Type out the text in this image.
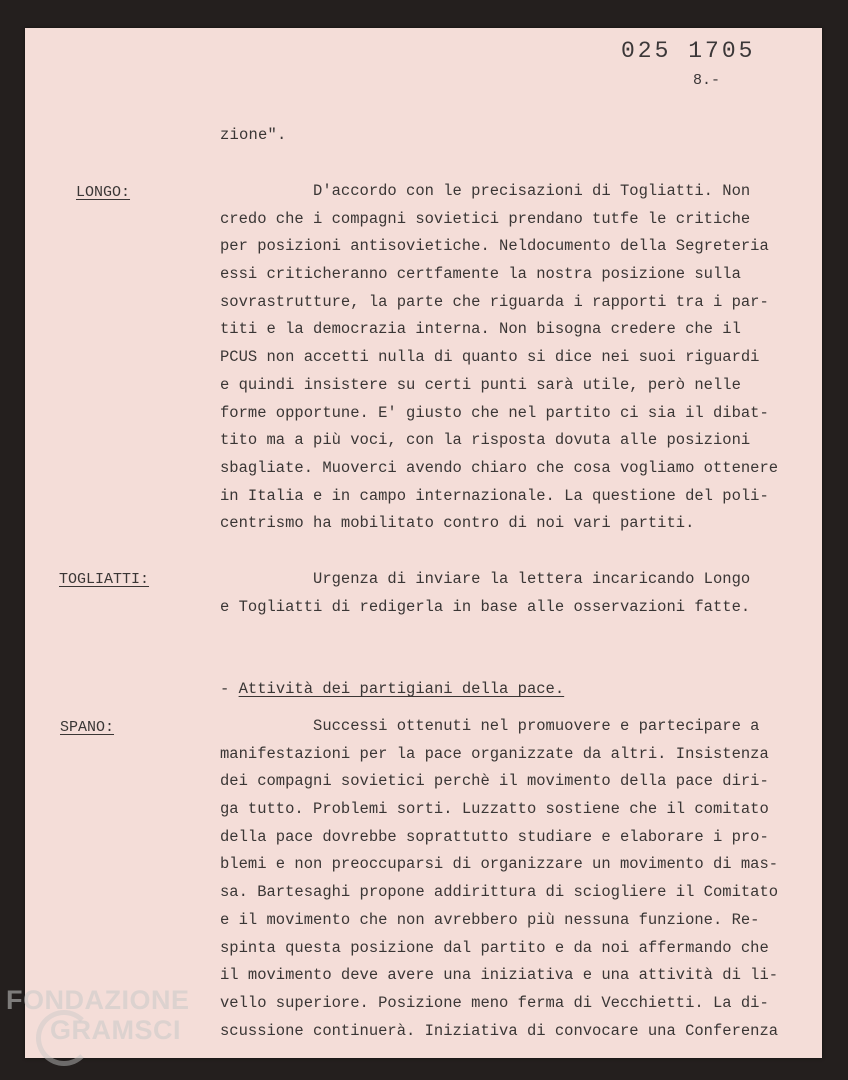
025 1705
8.-
zione".
LONGO:	D'accordo con le precisazioni di Togliatti. Non
credo che i compagni sovietici prendano tutfe le critiche
per posizioni antisovietiche. Neldocumento della Segreteria
essi criticheranno certfamente la nostra posizione sulla
sovrastrutture, la parte che riguarda i rapporti tra i par-
titi e la democrazia interna. Non bisogna credere che il
PCUS non accetti nulla di quanto si dice nei suoi riguardi
e quindi insistere su certi punti sarà utile, però nelle
forme opportune. E' giusto che nel partito ci sia il dibat-
tito ma a più voci, con la risposta dovuta alle posizioni
sbagliate. Muoverci avendo chiaro che cosa vogliamo ottenere
in Italia e in campo internazionale. La questione del poli-
centrismo ha mobilitato contro di noi vari partiti.
TOGLIATTI:	Urgenza di inviare la lettera incaricando Longo
e Togliatti di redigerla in base alle osservazioni fatte.
- Attività dei partigiani della pace.
SPANO:	Successi ottenuti nel promuovere e partecipare a
manifestazioni per la pace organizzate da altri. Insistenza
dei compagni sovietici perchè il movimento della pace diri-
ga tutto. Problemi sorti. Luzzatto sostiene che il comitato
della pace dovrebbe soprattutto studiare e elaborare i pro-
blemi e non preoccuparsi di organizzare un movimento di mas-
sa. Bartesaghi propone addirittura di sciogliere il Comitato
e il movimento che non avrebbero più nessuna funzione. Re-
spinta questa posizione dal partito e da noi affermando che
il movimento deve avere una iniziativa e una attività di li-
vello superiore. Posizione meno ferma di Vecchietti. La di-
scussione continuerà. Iniziativa di convocare una Conferenza
FONDAZIONE
GRAMSCI
